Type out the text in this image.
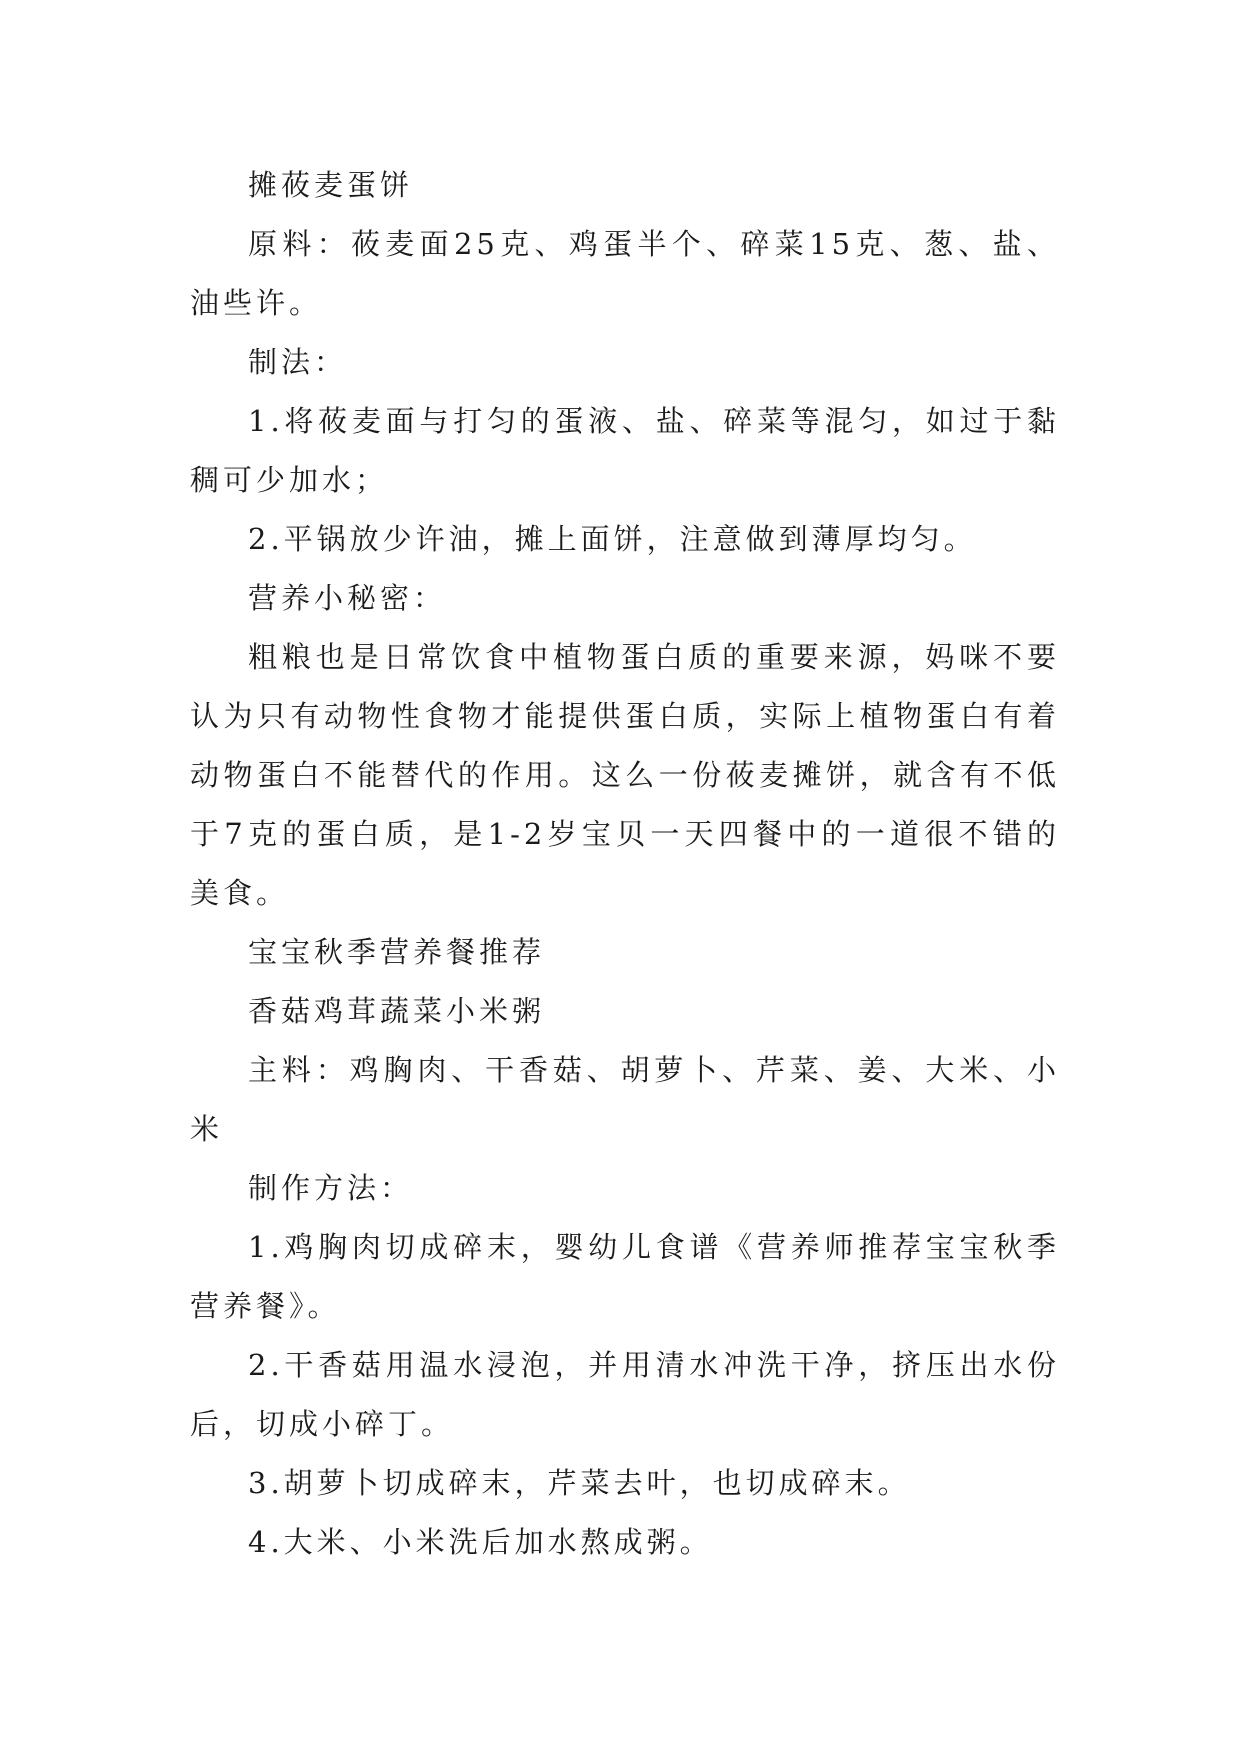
摊莜麦蛋饼

原料：莜麦面25克、鸡蛋半个、碎菜15克、葱、盐、油些许。

制法：

1.将莜麦面与打匀的蛋液、盐、碎菜等混匀，如过于黏稠可少加水；

2.平锅放少许油，摊上面饼，注意做到薄厚均匀。

营养小秘密：

粗粮也是日常饮食中植物蛋白质的重要来源，妈咪不要认为只有动物性食物才能提供蛋白质，实际上植物蛋白有着动物蛋白不能替代的作用。这么一份莜麦摊饼，就含有不低于7克的蛋白质，是1-2岁宝贝一天四餐中的一道很不错的美食。

宝宝秋季营养餐推荐

香菇鸡茸蔬菜小米粥

主料：鸡胸肉、干香菇、胡萝卜、芹菜、姜、大米、小米

制作方法：

1.鸡胸肉切成碎末，婴幼儿食谱《营养师推荐宝宝秋季营养餐》。

2.干香菇用温水浸泡，并用清水冲洗干净，挤压出水份后，切成小碎丁。

3.胡萝卜切成碎末，芹菜去叶，也切成碎末。

4.大米、小米洗后加水熬成粥。
